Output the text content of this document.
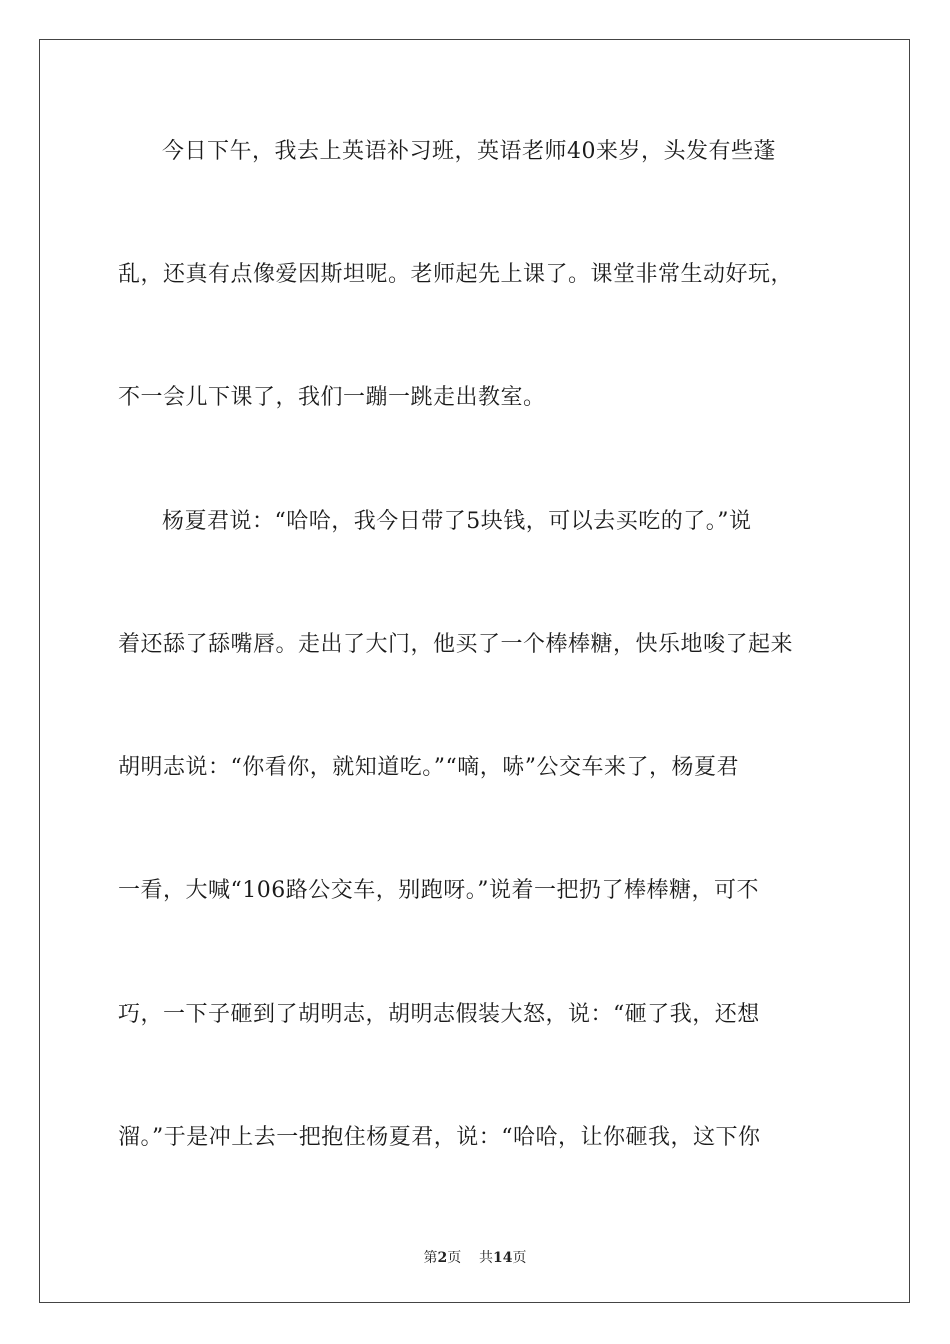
今日下午，我去上英语补习班，英语老师40来岁，头发有些蓬
乱，还真有点像爱因斯坦呢。老师起先上课了。课堂非常生动好玩，
不一会儿下课了，我们一蹦一跳走出教室。
杨夏君说：“哈哈，我今日带了5块钱，可以去买吃的了。”说
着还舔了舔嘴唇。走出了大门，他买了一个棒棒糖，快乐地唆了起来
胡明志说：“你看你，就知道吃。”“嘀，哧”公交车来了，杨夏君
一看，大喊“106路公交车，别跑呀。”说着一把扔了棒棒糖，可不
巧，一下子砸到了胡明志，胡明志假装大怒，说：“砸了我，还想
溜。”于是冲上去一把抱住杨夏君，说：“哈哈，让你砸我，这下你
第2页 共14页
